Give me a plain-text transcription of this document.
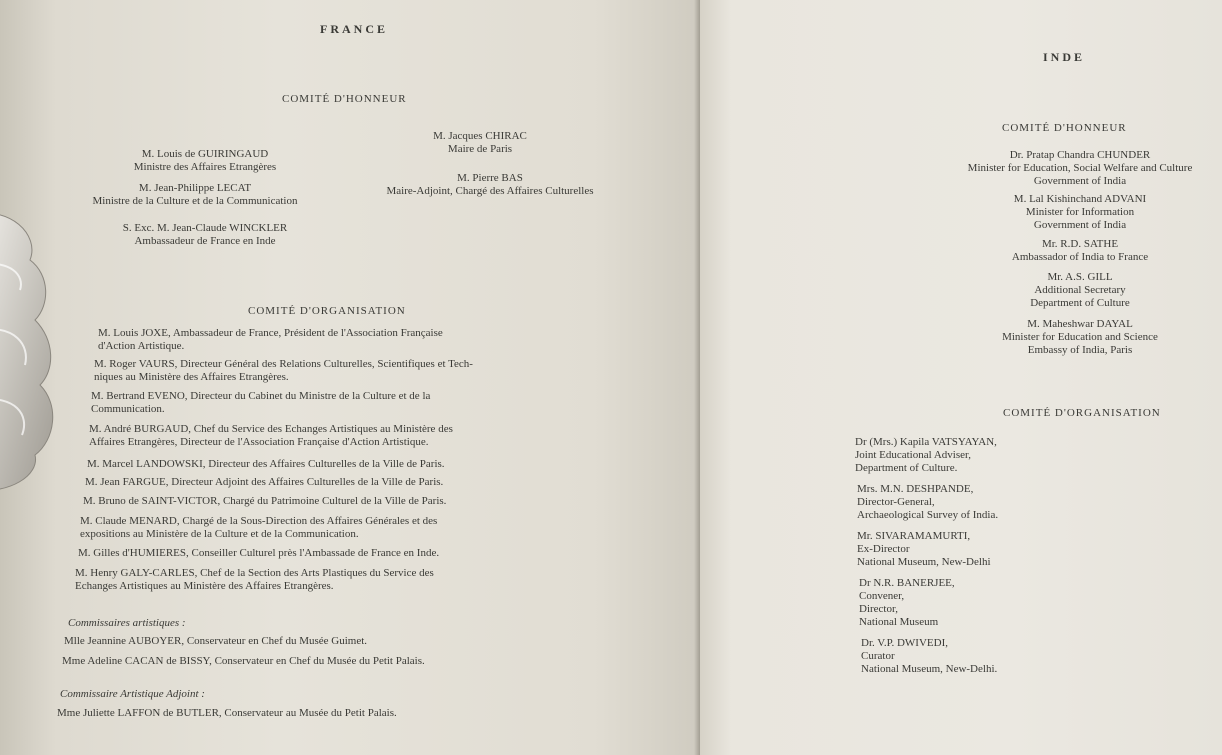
FRANCE
COMITÉ D'HONNEUR
M. Louis de GUIRINGAUD
Ministre des Affaires Etrangères
M. Jean-Philippe LECAT
Ministre de la Culture et de la Communication
S. Exc. M. Jean-Claude WINCKLER
Ambassadeur de France en Inde
M. Jacques CHIRAC
Maire de Paris
M. Pierre BAS
Maire-Adjoint, Chargé des Affaires Culturelles
COMITÉ D'ORGANISATION
M. Louis JOXE, Ambassadeur de France, Président de l'Association Française
d'Action Artistique.
M. Roger VAURS, Directeur Général des Relations Culturelles, Scientifiques et Tech-
niques au Ministère des Affaires Etrangères.
M. Bertrand EVENO, Directeur du Cabinet du Ministre de la Culture et de la
Communication.
M. André BURGAUD, Chef du Service des Echanges Artistiques au Ministère des
Affaires Etrangères, Directeur de l'Association Française d'Action Artistique.
M. Marcel LANDOWSKI, Directeur des Affaires Culturelles de la Ville de Paris.
M. Jean FARGUE, Directeur Adjoint des Affaires Culturelles de la Ville de Paris.
M. Bruno de SAINT-VICTOR, Chargé du Patrimoine Culturel de la Ville de Paris.
M. Claude MENARD, Chargé de la Sous-Direction des Affaires Générales et des
expositions au Ministère de la Culture et de la Communication.
M. Gilles d'HUMIERES, Conseiller Culturel près l'Ambassade de France en Inde.
M. Henry GALY-CARLES, Chef de la Section des Arts Plastiques du Service des
Echanges Artistiques au Ministère des Affaires Etrangères.
Commissaires artistiques :
Mlle Jeannine AUBOYER, Conservateur en Chef du Musée Guimet.
Mme Adeline CACAN de BISSY, Conservateur en Chef du Musée du Petit Palais.
Commissaire Artistique Adjoint :
Mme Juliette LAFFON de BUTLER, Conservateur au Musée du Petit Palais.
INDE
COMITÉ D'HONNEUR
Dr. Pratap Chandra CHUNDER
Minister for Education, Social Welfare and Culture
Government of India
M. Lal Kishinchand ADVANI
Minister for Information
Government of India
Mr. R.D. SATHE
Ambassador of India to France
Mr. A.S. GILL
Additional Secretary
Department of Culture
M. Maheshwar DAYAL
Minister for Education and Science
Embassy of India, Paris
COMITÉ D'ORGANISATION
Dr (Mrs.) Kapila VATSYAYAN,
Joint Educational Adviser,
Department of Culture.
Mrs. M.N. DESHPANDE,
Director-General,
Archaeological Survey of India.
Mr. SIVARAMAMURTI,
Ex-Director
National Museum, New-Delhi
Dr N.R. BANERJEE,
Convener,
Director,
National Museum
Dr. V.P. DWIVEDI,
Curator
National Museum, New-Delhi.
